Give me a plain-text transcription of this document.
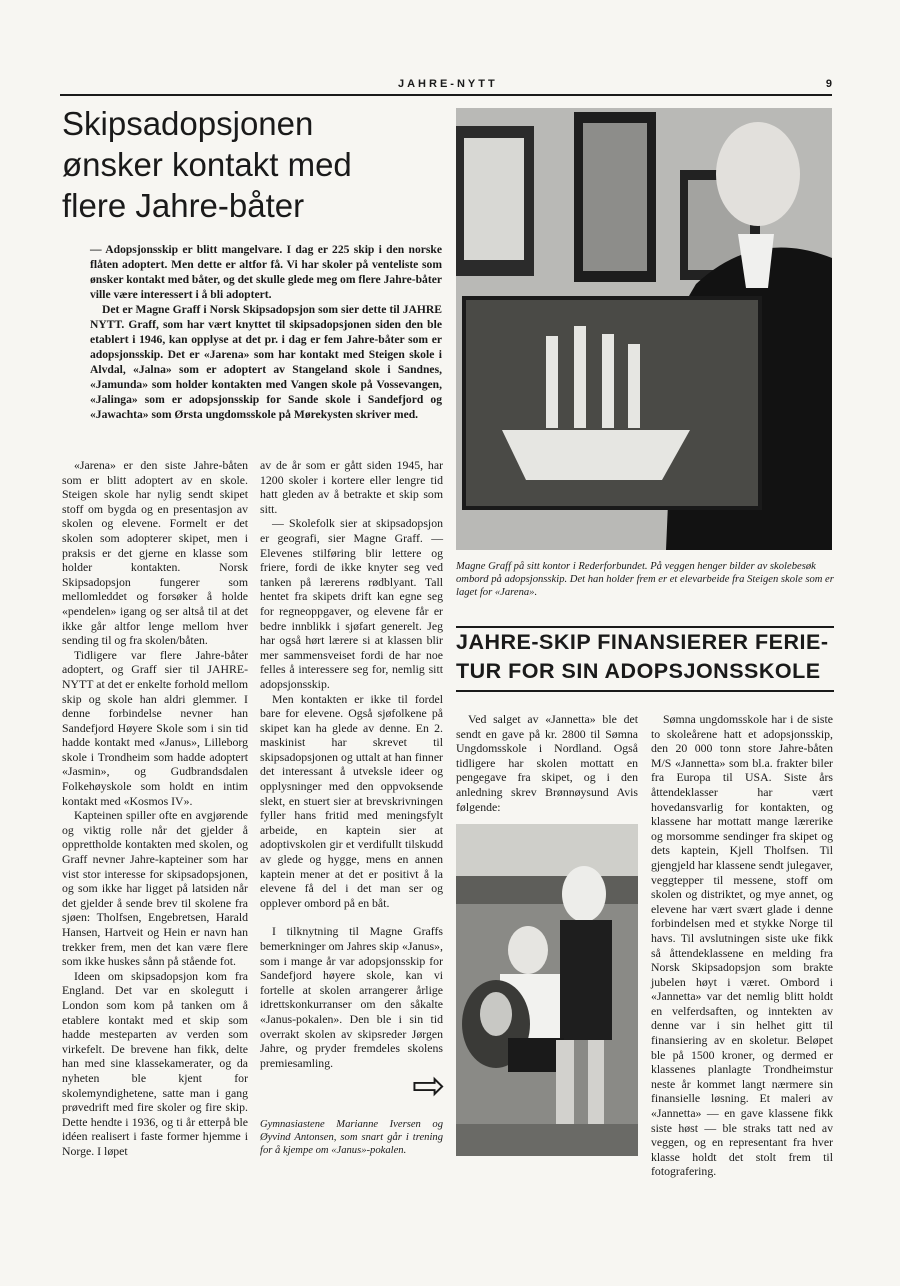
JAHRE-NYTT	9
Skipsadopsjonen
ønsker kontakt med
flere Jahre-båter

— Adopsjonsskip er blitt mangelvare. I dag er 225 skip i den norske flåten adoptert. Men dette er altfor få. Vi har skoler på venteliste som ønsker kontakt med båter, og det skulle glede meg om flere Jahre-båter ville være interessert i å bli adoptert.

Det er Magne Graff i Norsk Skipsadopsjon som sier dette til JAHRE NYTT. Graff, som har vært knyttet til skipsadopsjonen siden den ble etablert i 1946, kan opplyse at det pr. i dag er fem Jahre-båter som er adopsjonsskip. Det er «Jarena» som har kontakt med Steigen skole i Alvdal, «Jalna» som er adoptert av Stangeland skole i Sandnes, «Jamunda» som holder kontakten med Vangen skole på Vossevangen, «Jalinga» som er adopsjonsskip for Sande skole i Sandefjord og «Jawachta» som Ørsta ungdomsskole på Mørekysten skriver med.

«Jarena» er den siste Jahre-båten som er blitt adoptert av en skole. Steigen skole har nylig sendt skipet stoff om bygda og en presentasjon av skolen og elevene. Formelt er det skolen som adopterer skipet, men i praksis er det gjerne en klasse som holder kontakten. Norsk Skipsadopsjon fungerer som mellomleddet og forsøker å holde «pendelen» igang og ser altså til at det ikke går altfor lenge mellom hver sending til og fra skolen/båten.

Tidligere var flere Jahre-båter adoptert, og Graff sier til JAHRE-NYTT at det er enkelte forhold mellom skip og skole han aldri glemmer. I denne forbindelse nevner han Sandefjord Høyere Skole som i sin tid hadde kontakt med «Janus», Lilleborg skole i Trondheim som hadde adoptert «Jasmin», og Gudbrandsdalen Folkehøyskole som holdt en intim kontakt med «Kosmos IV».

Kapteinen spiller ofte en avgjørende og viktig rolle når det gjelder å opprettholde kontakten med skolen, og Graff nevner Jahre-kapteiner som har vist stor interesse for skipsadopsjonen, og som ikke har ligget på latsiden når det gjelder å sende brev til skolene fra sjøen: Tholfsen, Engebretsen, Harald Hansen, Hartveit og Hein er navn han trekker frem, men det kan være flere som ikke huskes sånn på stående fot.

Ideen om skipsadopsjon kom fra England. Det var en skolegutt i London som kom på tanken om å etablere kontakt med et skip som hadde mesteparten av verden som virkefelt. De brevene han fikk, delte han med sine klassekamerater, og da nyheten ble kjent for skolemyndighetene, satte man i gang prøvedrift med fire skoler og fire skip. Dette hendte i 1936, og ti år etterpå ble idéen realisert i faste former hjemme i Norge. I løpet

av de år som er gått siden 1945, har 1200 skoler i kortere eller lengre tid hatt gleden av å betrakte et skip som sitt.

— Skolefolk sier at skipsadopsjon er geografi, sier Magne Graff. — Elevenes stilføring blir lettere og friere, fordi de ikke knyter seg ved tanken på lærerens rødblyant. Tall hentet fra skipets drift kan egne seg for regneoppgaver, og elevene får er bedre innblikk i sjøfart generelt. Jeg har også hørt lærere si at klassen blir mer sammensveiset fordi de har noe felles å interessere seg for, nemlig sitt adopsjonsskip.

Men kontakten er ikke til fordel bare for elevene. Også sjøfolkene på skipet kan ha glede av denne. En 2. maskinist har skrevet til skipsadopsjonen og uttalt at han finner det interessant å utveksle ideer og opplysninger med den oppvoksende slekt, en stuert sier at brevskrivningen fyller hans fritid med meningsfylt arbeide, en kaptein sier at adoptivskolen gir et verdifullt tilskudd av glede og hygge, mens en annen kaptein mener at det er positivt å la elevene få del i det man ser og opplever ombord på en båt.

I tilknytning til Magne Graffs bemerkninger om Jahres skip «Janus», som i mange år var adopsjonsskip for Sandefjord høyere skole, kan vi fortelle at skolen arrangerer årlige idrettskonkurranser om den såkalte «Janus-pokalen». Den ble i sin tid overrakt skolen av skipsreder Jørgen Jahre, og pryder fremdeles skolens premiesamling.

⇨

Gymnasiastene Marianne Iversen og Øyvind Antonsen, som snart går i trening for å kjempe om «Janus»-pokalen.

Magne Graff på sitt kontor i Rederforbundet. På veggen henger bilder av skolebesøk ombord på adopsjonsskip. Det han holder frem er et elevarbeide fra Steigen skole som er laget for «Jarena».

JAHRE-SKIP FINANSIERER FERIE-
TUR FOR SIN ADOPSJONSSKOLE

Ved salget av «Jannetta» ble det sendt en gave på kr. 2800 til Sømna Ungdomsskole i Nordland. Også tidligere har skolen mottatt en pengegave fra skipet, og i den anledning skrev Brønnøysund Avis følgende:

Sømna ungdomsskole har i de siste to skoleårene hatt et adopsjonsskip, den 20 000 tonn store Jahre-båten M/S «Jannetta» som bl.a. frakter biler fra Europa til USA. Siste års åttendeklasser har vært hovedansvarlig for kontakten, og klassene har mottatt mange lærerike og morsomme sendinger fra skipet og dets kaptein, Kjell Tholfsen. Til gjengjeld har klassene sendt julegaver, veggtepper til messene, stoff om skolen og distriktet, og mye annet, og elevene har vært svært glade i denne forbindelsen med et stykke Norge til havs. Til avslutningen siste uke fikk så åttendeklassene en melding fra Norsk Skipsadopsjon som brakte jubelen høyt i været. Ombord i «Jannetta» var det nemlig blitt holdt en velferdsaften, og inntekten av denne var i sin helhet gitt til finansiering av en skoletur. Beløpet ble på 1500 kroner, og dermed er klassenes planlagte Trondheimstur neste år kommet langt nærmere sin finansielle løsning. Et maleri av «Jannetta» — en gave klassene fikk siste høst — ble straks tatt ned av veggen, og en representant fra hver klasse holdt det stolt frem til fotografering.
